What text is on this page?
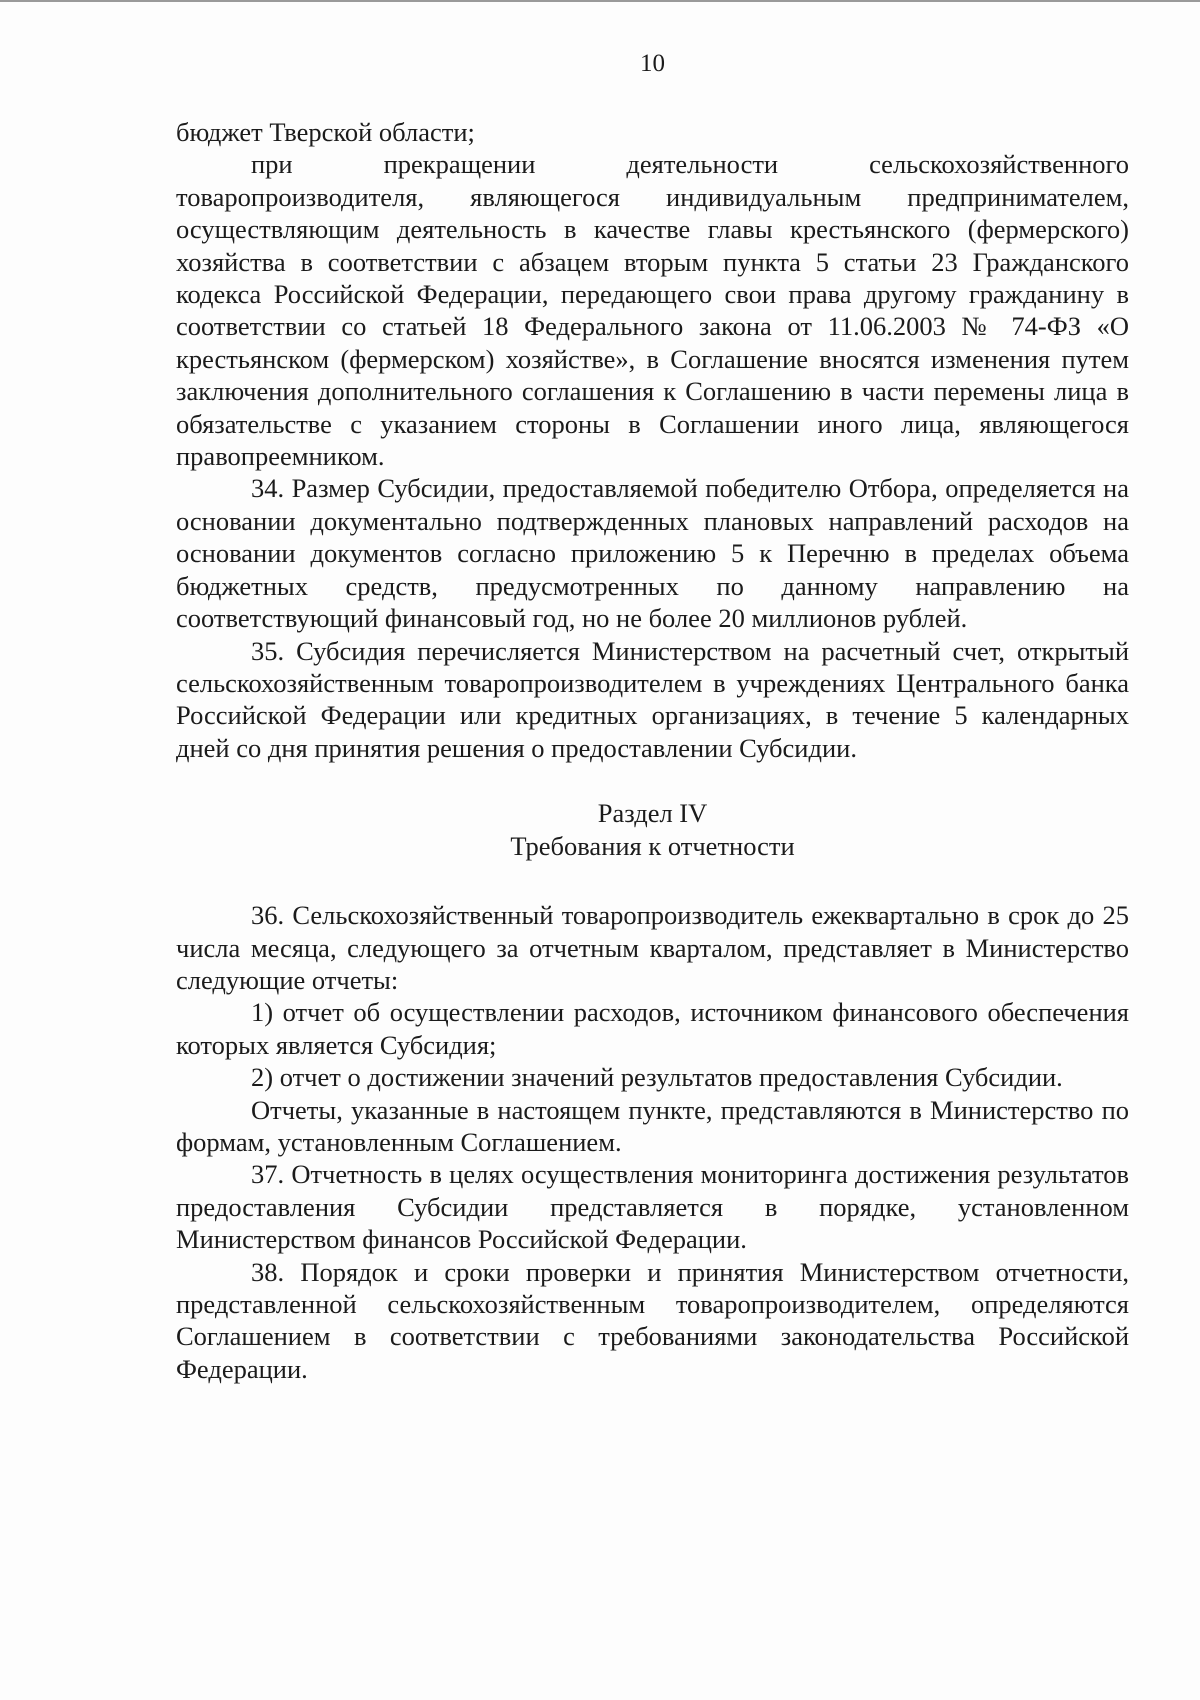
10

бюджет Тверской области;

при прекращении деятельности сельскохозяйственного товаропроизводителя, являющегося индивидуальным предпринимателем, осуществляющим деятельность в качестве главы крестьянского (фермерского) хозяйства в соответствии с абзацем вторым пункта 5 статьи 23 Гражданского кодекса Российской Федерации, передающего свои права другому гражданину в соответствии со статьей 18 Федерального закона от 11.06.2003 № 74-ФЗ «О крестьянском (фермерском) хозяйстве», в Соглашение вносятся изменения путем заключения дополнительного соглашения к Соглашению в части перемены лица в обязательстве с указанием стороны в Соглашении иного лица, являющегося правопреемником.

34. Размер Субсидии, предоставляемой победителю Отбора, определяется на основании документально подтвержденных плановых направлений расходов на основании документов согласно приложению 5 к Перечню в пределах объема бюджетных средств, предусмотренных по данному направлению на соответствующий финансовый год, но не более 20 миллионов рублей.

35. Субсидия перечисляется Министерством на расчетный счет, открытый сельскохозяйственным товаропроизводителем в учреждениях Центрального банка Российской Федерации или кредитных организациях, в течение 5 календарных дней со дня принятия решения о предоставлении Субсидии.

Раздел IV
Требования к отчетности

36. Сельскохозяйственный товаропроизводитель ежеквартально в срок до 25 числа месяца, следующего за отчетным кварталом, представляет в Министерство следующие отчеты:

1) отчет об осуществлении расходов, источником финансового обеспечения которых является Субсидия;

2) отчет о достижении значений результатов предоставления Субсидии.

Отчеты, указанные в настоящем пункте, представляются в Министерство по формам, установленным Соглашением.

37. Отчетность в целях осуществления мониторинга достижения результатов предоставления Субсидии представляется в порядке, установленном Министерством финансов Российской Федерации.

38. Порядок и сроки проверки и принятия Министерством отчетности, представленной сельскохозяйственным товаропроизводителем, определяются Соглашением в соответствии с требованиями законодательства Российской Федерации.
